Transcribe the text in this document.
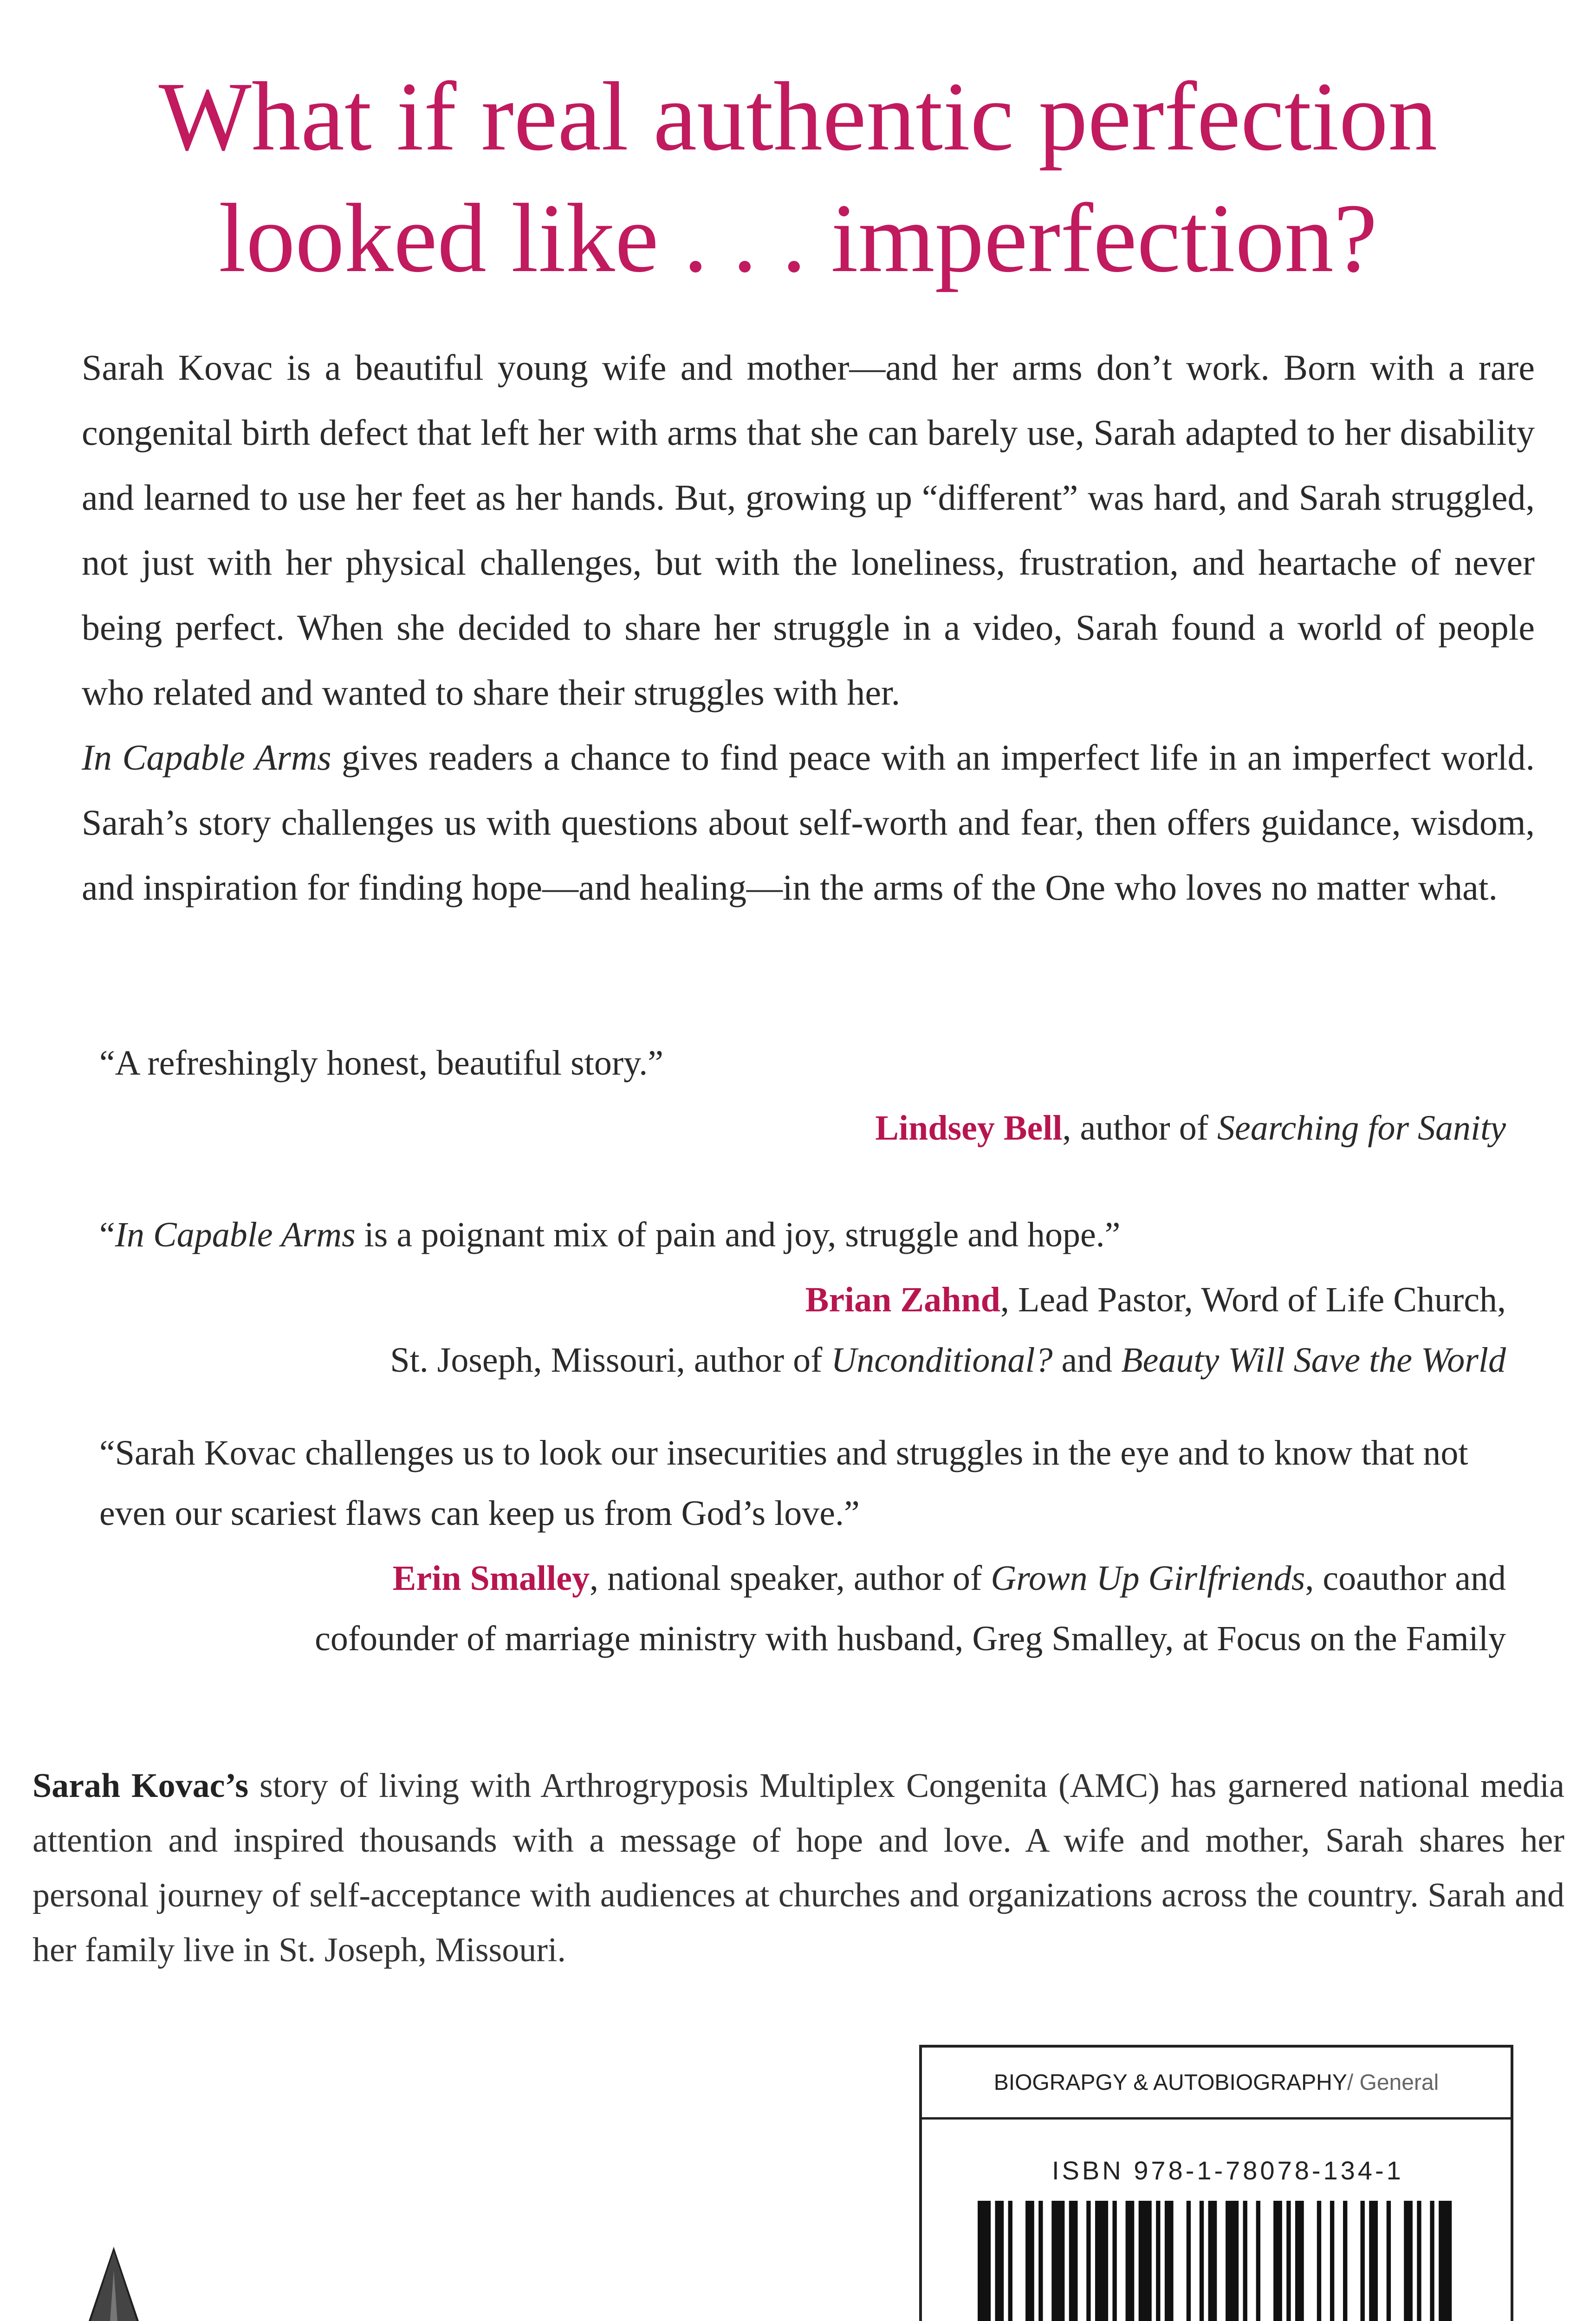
What if real authentic perfection
looked like . . . imperfection?

Sarah Kovac is a beautiful young wife and mother—and her arms don’t work. Born with a rare congenital birth defect that left her with arms that she can barely use, Sarah adapted to her disability and learned to use her feet as her hands. But, growing up “different” was hard, and Sarah struggled, not just with her physical challenges, but with the loneliness, frustration, and heartache of never being perfect. When she decided to share her struggle in a video, Sarah found a world of people who related and wanted to share their struggles with her.

In Capable Arms gives readers a chance to find peace with an imperfect life in an imperfect world. Sarah’s story challenges us with questions about self-worth and fear, then offers guidance, wisdom, and inspiration for finding hope—and healing—in the arms of the One who loves no matter what.

“A refreshingly honest, beautiful story.”

Lindsey Bell, author of Searching for Sanity

“In Capable Arms is a poignant mix of pain and joy, struggle and hope.”

Brian Zahnd, Lead Pastor, Word of Life Church,

St. Joseph, Missouri, author of Unconditional? and Beauty Will Save the World

“Sarah Kovac challenges us to look our insecurities and struggles in the eye and to know that not even our scariest flaws can keep us from God’s love.”

Erin Smalley, national speaker, author of Grown Up Girlfriends, coauthor and

cofounder of marriage ministry with husband, Greg Smalley, at Focus on the Family

Sarah Kovac’s story of living with Arthrogryposis Multiplex Congenita (AMC) has garnered national media attention and inspired thousands with a message of hope and love. A wife and mother, Sarah shares her personal journey of self-acceptance with audiences at churches and organizations across the country. Sarah and her family live in St. Joseph, Missouri.
BIOGRAPGY & AUTOBIOGRAPHY / General
ISBN 978-1-78078-134-1
